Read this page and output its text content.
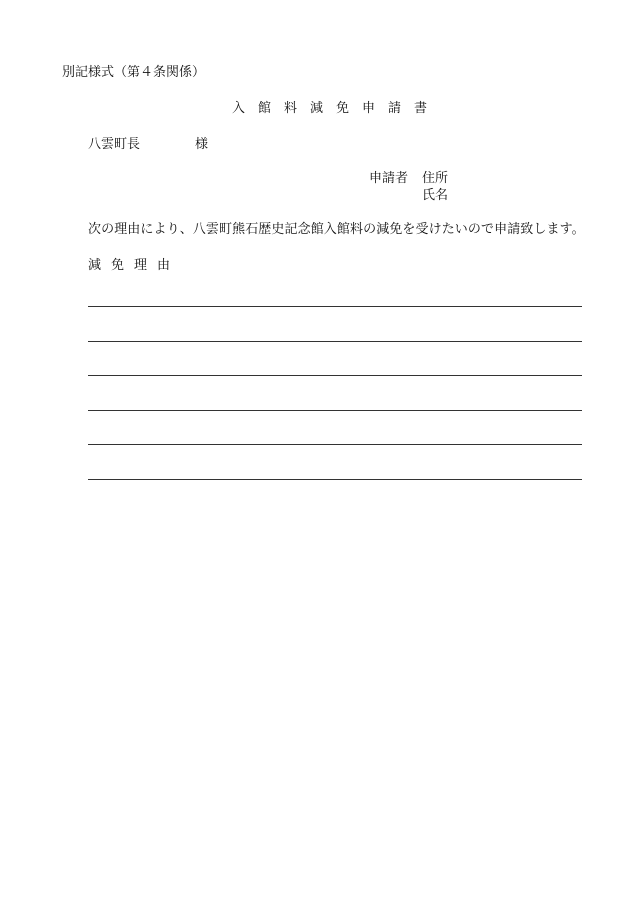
別記様式（第４条関係）
入館料減免申請書
八雲町長	様
申請者 住所
氏名
次の理由により、八雲町熊石歴史記念館入館料の減免を受けたいので申請致します。
減免理由
